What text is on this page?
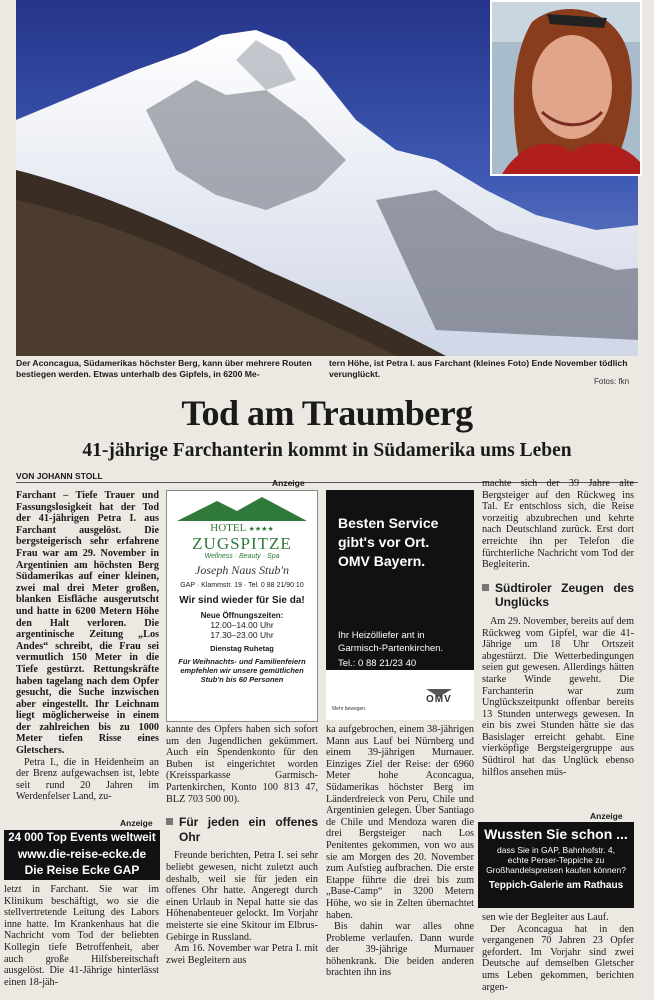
Der Aconcagua, Südamerikas höchster Berg, kann über mehrere Routen bestiegen werden. Etwas unterhalb des Gipfels, in 6200 Me-
tern Höhe, ist Petra I. aus Farchant (kleines Foto) Ende November tödlich verunglückt.
Fotos: fkn
Tod am Traumberg
41-jährige Farchanterin kommt in Südamerika ums Leben
VON JOHANN STOLL
Anzeige

Farchant – Tiefe Trauer und Fassungslosigkeit hat der Tod der 41-jährigen Petra I. aus Farchant ausgelöst. Die bergsteigerisch sehr erfahrene Frau war am 29. November in Argentinien am höchsten Berg Südamerikas auf einer kleinen, zwei mal drei Meter großen, blanken Eisfläche ausgerutscht und hatte in 6200 Metern Höhe den Halt verloren. Die argentinische Zeitung „Los Andes“ schreibt, die Frau sei vermutlich 150 Meter in die Tiefe gestürzt. Rettungskräfte haben tagelang nach dem Opfer gesucht, die Suche inzwischen aber eingestellt. Ihr Leichnam liegt möglicherweise in einem der zahlreichen bis zu 1000 Meter tiefen Risse eines Gletschers.

Petra I., die in Heidenheim an der Brenz aufgewachsen ist, lebte seit rund 20 Jahren im Werdenfelser Land, zu-

Anzeige
24 000 Top Events weltweit
www.die-reise-ecke.de
Die Reise Ecke GAP

letzt in Farchant. Sie war im Klinikum beschäftigt, wo sie die stellvertretende Leitung des Labors inne hatte. Im Krankenhaus hat die Nachricht vom Tod der beliebten Kollegin tiefe Betroffenheit, aber auch große Hilfsbereitschaft ausgelöst. Die 41-Jährige hinterlässt einen 18-jäh-

HOTEL ★★★★
ZUGSPITZE
Wellness · Beauty · Spa
Joseph Naus Stub'n
GAP · Klammstr. 19 · Tel. 0 88 21/90 10
Wir sind wieder für Sie da!
Neue Öffnungszeiten:
12.00–14.00 Uhr
17.30–23.00 Uhr
Dienstag Ruhetag
Für Weihnachts- und Familienfeiern empfehlen wir unsere gemütlichen Stub'n bis 60 Personen
Besten Service gibt's vor Ort. OMV Bayern.
Ihr Heizölliefer ant in
Garmisch-Partenkirchen.
Tel.: 0 88 21/23 40
Mehr bewegen.
OMV

kannte des Opfers haben sich sofort um den Jugendlichen gekümmert. Auch ein Spendenkonto für den Buben ist eingerichtet worden (Kreissparkasse Garmisch-Partenkirchen, Konto 100 813 47, BLZ 703 500 00).

Für jeden ein offenes Ohr

Freunde berichten, Petra I. sei sehr beliebt gewesen, nicht zuletzt auch deshalb, weil sie für jeden ein offenes Ohr hatte. Angeregt durch einen Urlaub in Nepal hatte sie das Höhenabenteuer gelockt. Im Vorjahr meisterte sie eine Skitour im Elbrus-Gebirge in Russland.

Am 16. November war Petra I. mit zwei Begleitern aus

ka aufgebrochen, einem 38-jährigen Mann aus Lauf bei Nürnberg und einem 39-jährigen Murnauer. Einziges Ziel der Reise: der 6960 Meter hohe Aconcagua, Südamerikas höchster Berg im Länderdreieck von Peru, Chile und Argentinien gelegen. Über Santiago de Chile und Mendoza waren die drei Bergsteiger nach Los Penitentes gekommen, von wo aus sie am Morgen des 20. November zum Aufstieg aufbrachen. Die erste Etappe führte die drei bis zum „Base-Camp“ in 3200 Metern Höhe, wo sie in Zelten übernachtet haben.

Bis dahin war alles ohne Probleme verlaufen. Dann wurde der 39-jährige Murnauer höhenkrank. Die beiden anderen brachten ihn ins

machte sich der 39 Jahre alte Bergsteiger auf den Rückweg ins Tal. Er entschloss sich, die Reise vorzeitig abzubrechen und kehrte nach Deutschland zurück. Erst dort erreichte ihn per Telefon die fürchterliche Nachricht vom Tod der Begleiterin.

Südtiroler Zeugen des Unglücks

Am 29. November, bereits auf dem Rückweg vom Gipfel, war die 41-Jährige um 18 Uhr Ortszeit abgestürzt. Die Wetterbedingungen seien gut gewesen. Allerdings hätten starke Winde geweht. Die Farchanterin war zum Unglückszeitpunkt offenbar bereits 13 Stunden unterwegs gewesen. In ein bis zwei Stunden hätte sie das Basislager erreicht gehabt. Eine vierköpfige Bergsteigergruppe aus Südtirol hat das Unglück ebenso hilflos ansehen müs-

Anzeige
Wussten Sie schon ...
dass Sie in GAP, Bahnhofstr. 4, echte Perser-Teppiche zu Großhandelspreisen kaufen können?
Teppich-Galerie am Rathaus

sen wie der Begleiter aus Lauf.

Der Aconcagua hat in den vergangenen 70 Jahren 23 Opfer gefordert. Im Vorjahr sind zwei Deutsche auf demselben Gletscher ums Leben gekommen, berichten argen-
